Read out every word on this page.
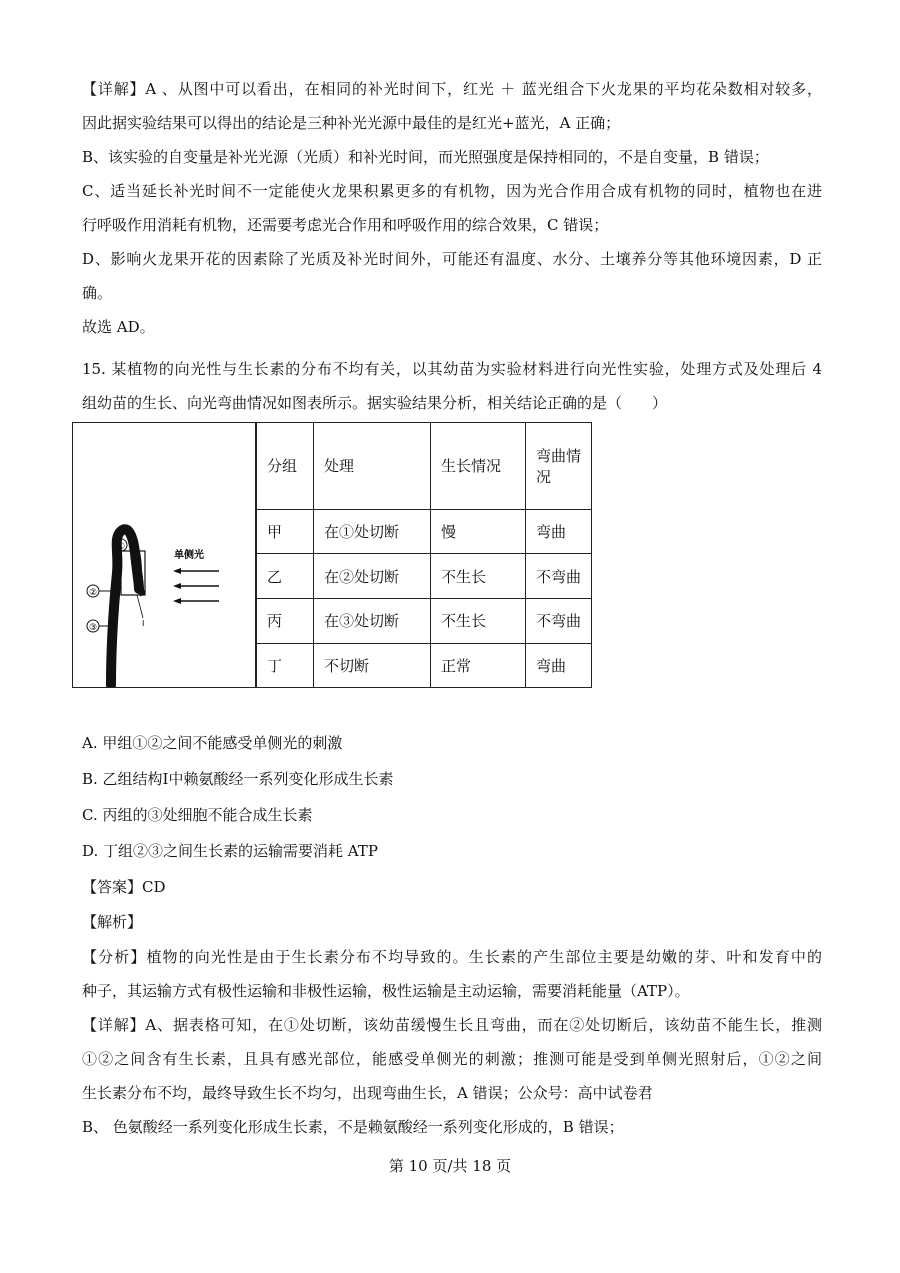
【详解】A 、从图中可以看出，在相同的补光时间下，红光 ＋ 蓝光组合下火龙果的平均花朵数相对较多，
因此据实验结果可以得出的结论是三种补光光源中最佳的是红光+蓝光，A 正确；
B、该实验的自变量是补光光源（光质）和补光时间，而光照强度是保持相同的，不是自变量，B 错误；
C、适当延长补光时间不一定能使火龙果积累更多的有机物，因为光合作用合成有机物的同时，植物也在进
行呼吸作用消耗有机物，还需要考虑光合作用和呼吸作用的综合效果，C 错误；
D、影响火龙果开花的因素除了光质及补光时间外，可能还有温度、水分、土壤养分等其他环境因素，D 正
确。
故选 AD。
15. 某植物的向光性与生长素的分布不均有关，以其幼苗为实验材料进行向光性实验，处理方式及处理后 4
组幼苗的生长、向光弯曲情况如图表所示。据实验结果分析，相关结论正确的是（　　）
①
②
③	I
单侧光
分组	处理	生长情况	弯曲情况
甲	在①处切断	慢	弯曲
乙	在②处切断	不生长	不弯曲
丙	在③处切断	不生长	不弯曲
丁	不切断	正常	弯曲
A. 甲组①②之间不能感受单侧光的刺激
B. 乙组结构I中赖氨酸经一系列变化形成生长素
C. 丙组的③处细胞不能合成生长素
D. 丁组②③之间生长素的运输需要消耗 ATP
【答案】CD
【解析】
【分析】植物的向光性是由于生长素分布不均导致的。生长素的产生部位主要是幼嫩的芽、叶和发育中的
种子，其运输方式有极性运输和非极性运输，极性运输是主动运输，需要消耗能量（ATP）。
【详解】A、据表格可知，在①处切断，该幼苗缓慢生长且弯曲，而在②处切断后，该幼苗不能生长，推测
①②之间含有生长素，且具有感光部位，能感受单侧光的刺激；推测可能是受到单侧光照射后，①②之间
生长素分布不均，最终导致生长不均匀，出现弯曲生长，A 错误；公众号：高中试卷君
B、 色氨酸经一系列变化形成生长素，不是赖氨酸经一系列变化形成的，B 错误；
第 10 页/共 18 页
